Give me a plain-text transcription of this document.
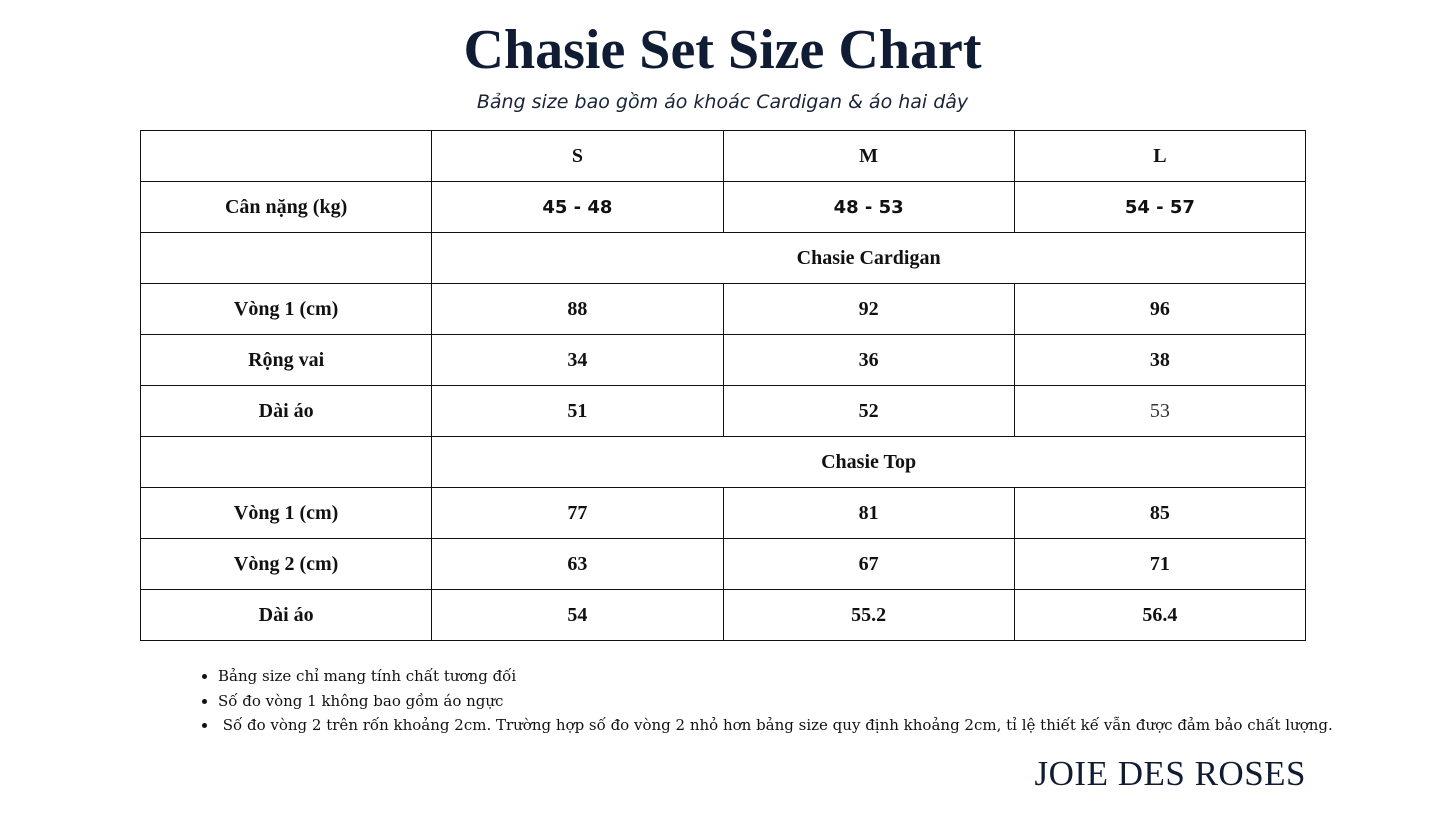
Chasie Set Size Chart

Bảng size bao gồm áo khoác Cardigan & áo hai dây

	S	M	L
Cân nặng (kg)	45 - 48	48 - 53	54 - 57
	Chasie Cardigan		
Vòng 1 (cm)	88	92	96
Rộng vai	34	36	38
Dài áo	51	52	53
	Chasie Top		
Vòng 1 (cm)	77	81	85
Vòng 2 (cm)	63	67	71
Dài áo	54	55.2	56.4
• Bảng size chỉ mang tính chất tương đối
• Số đo vòng 1 không bao gồm áo ngực
•  Số đo vòng 2 trên rốn khoảng 2cm. Trường hợp số đo vòng 2 nhỏ hơn bảng size quy định khoảng 2cm, tỉ lệ thiết kế vẫn được đảm bảo chất lượng.
JOIE DES ROSES
